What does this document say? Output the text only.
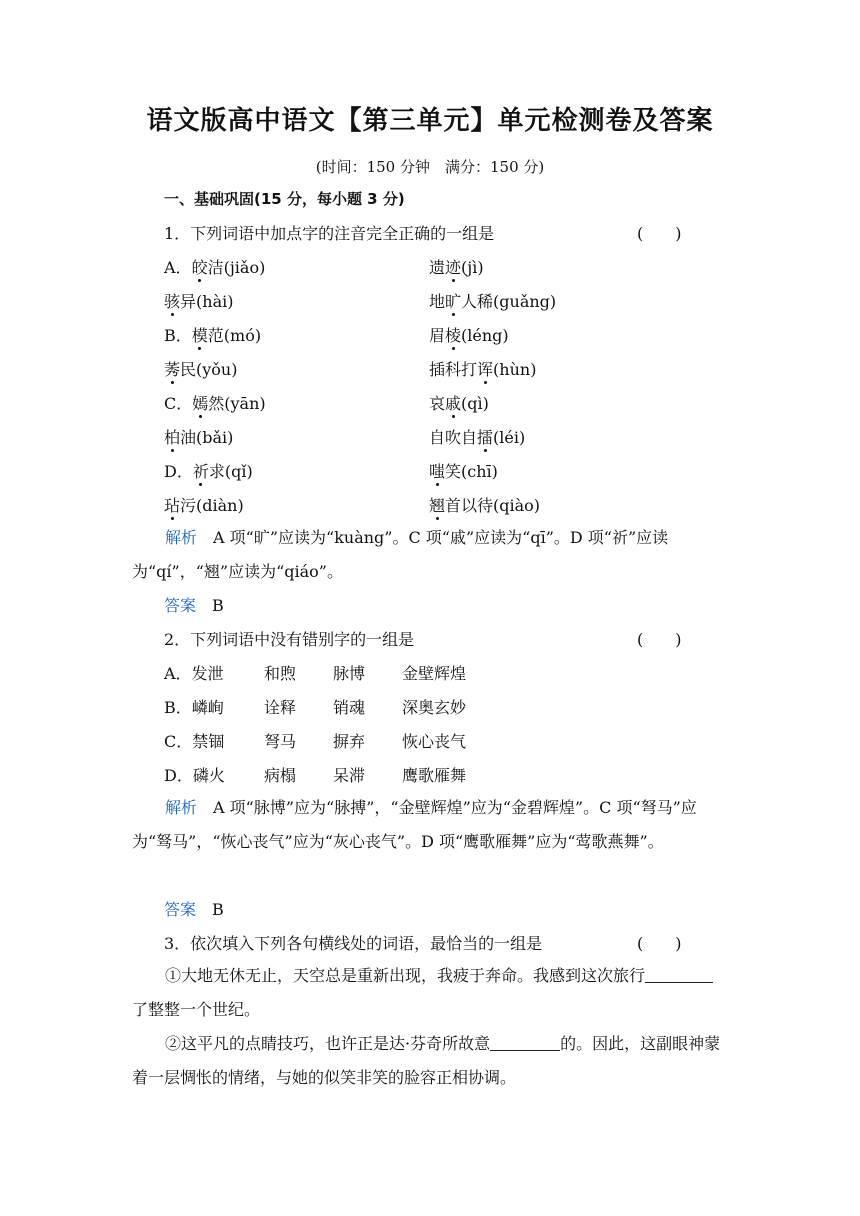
语文版高中语文【第三单元】单元检测卷及答案
(时间：150 分钟　满分：150 分)
一、基础巩固(15 分，每小题 3 分)
1．下列词语中加点字的注音完全正确的一组是	(　　)
A．皎洁(jiǎo)	遗迹(jì)
骇异(hài)	地旷人稀(guǎng)
B．模范(mó)	眉棱(léng)
莠民(yǒu)	插科打诨(hùn)
C．嫣然(yān)	哀戚(qì)
柏油(bǎi)	自吹自擂(léi)
D．祈求(qǐ)	嗤笑(chī)
玷污(diàn)	翘首以待(qiào)
解析　 A 项“旷”应读为“kuàng”。C 项“戚”应读为“qī”。D 项“祈”应读为“qí”，“翘”应读为“qiáo”。
答案　 B
2．下列词语中没有错别字的一组是	(　　)
A．发泄	和煦 脉博 金壁辉煌
B．嶙峋	诠释 销魂 深奥玄妙
C．禁锢 弩马 摒弃 恢心丧气
D．磷火 病榻 呆滞 鹰歌雁舞
解析　 A 项“脉博”应为“脉搏”，“金壁辉煌”应为“金碧辉煌”。C 项“弩马”应为“驽马”，“恢心丧气”应为“灰心丧气”。D 项“鹰歌雁舞”应为“莺歌燕舞”。
答案　 B
3．依次填入下列各句横线处的词语，最恰当的一组是	(　　)
①大地无休无止，天空总是重新出现，我疲于奔命。我感到这次旅行了整整一个世纪。
②这平凡的点睛技巧，也许正是达·芬奇所故意	的。因此，这副眼神蒙着一层惆怅的情绪，与她的似笑非笑的脸容正相协调。
